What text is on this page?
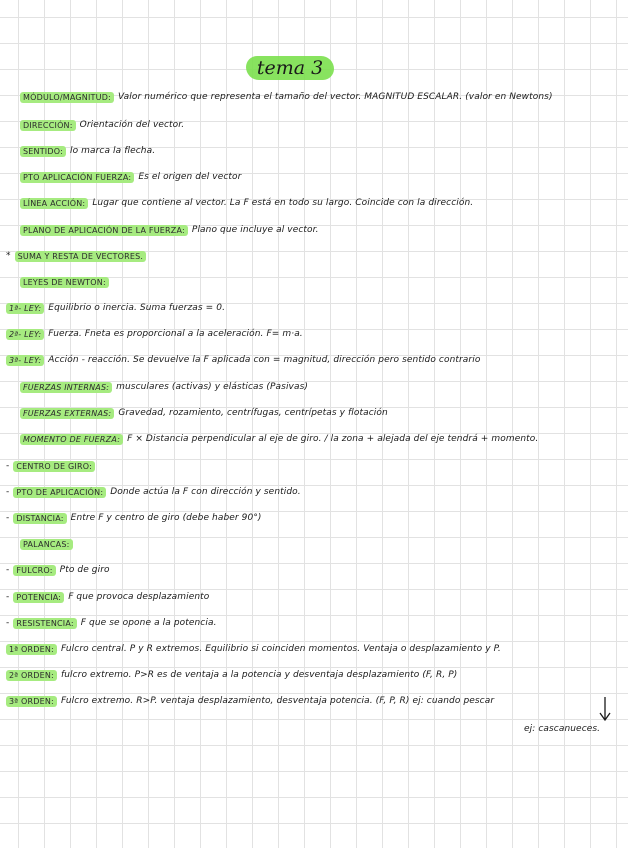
tema 3
MÓDULO/MAGNITUD: Valor numérico que representa el tamaño del vector. MAGNITUD ESCALAR. (valor en Newtons)
DIRECCIÓN: Orientación del vector.
SENTIDO: lo marca la flecha.
PTO APLICACIÓN FUERZA: Es el origen del vector
LÍNEA ACCIÓN: Lugar que contiene al vector. La F está en todo su largo. Coincide con la dirección.
PLANO DE APLICACIÓN DE LA FUERZA: Plano que incluye al vector.
* SUMA Y RESTA DE VECTORES.
LEYES DE NEWTON:
1ª- LEY: Equilibrio o inercia. Suma fuerzas = 0.
2ª- LEY: Fuerza. Fneta es proporcional a la aceleración. F= m·a.
3ª- LEY: Acción - reacción. Se devuelve la F aplicada con = magnitud, dirección pero sentido contrario
FUERZAS INTERNAS: musculares (activas) y elásticas (Pasivas)
FUERZAS EXTERNAS: Gravedad, rozamiento, centrífugas, centrípetas y flotación
MOMENTO DE FUERZA: F × Distancia perpendicular al eje de giro. / la zona + alejada del eje tendrá + momento.
- CENTRO DE GIRO:
- PTO DE APLICACIÓN: Donde actúa la F con dirección y sentido.
- DISTANCIA: Entre F y centro de giro (debe haber 90°)
PALANCAS:
- FULCRO: Pto de giro
- POTENCIA: F que provoca desplazamiento
- RESISTENCIA: F que se opone a la potencia.
1ª ORDEN: Fulcro central. P y R extremos. Equilibrio si coinciden momentos. Ventaja o desplazamiento y P.
2ª ORDEN: fulcro extremo. P>R es de ventaja a la potencia y desventaja desplazamiento (F, R, P)
3ª ORDEN: Fulcro extremo. R>P. ventaja desplazamiento, desventaja potencia. (F, P, R) ej: cuando pescar
ej: cascanueces.
